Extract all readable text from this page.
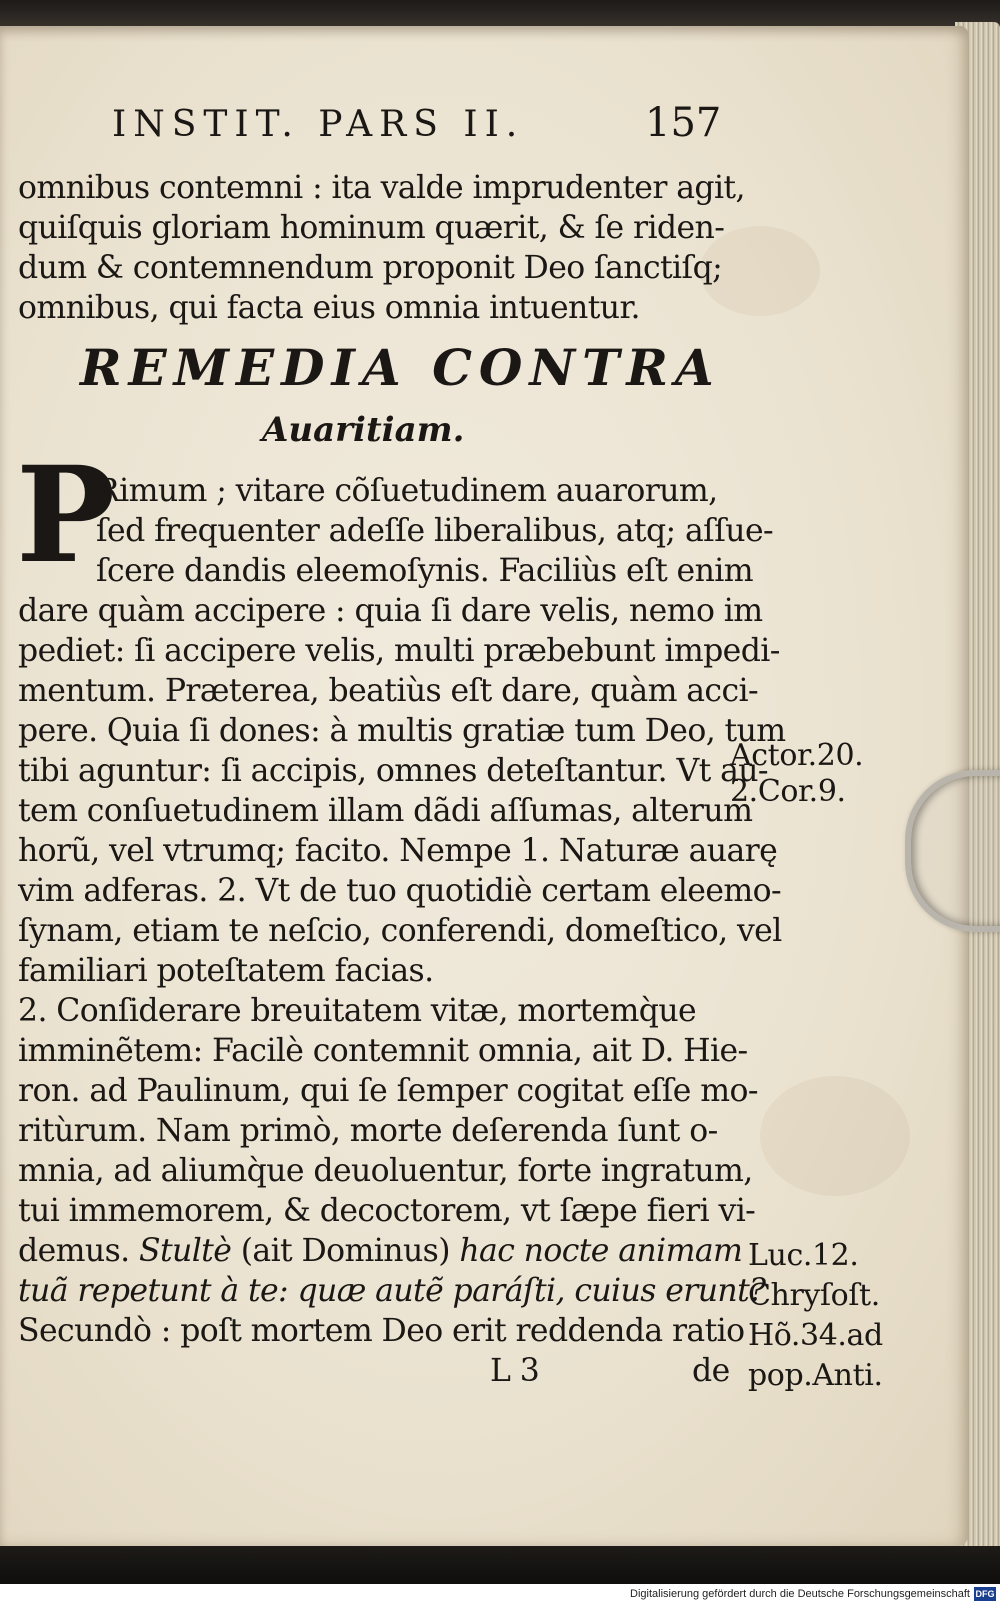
INSTIT. PARS II.	157
omnibus contemni : ita valde imprudenter agit,
quiſquis gloriam hominum quærit, & ſe riden-
dum & contemnendum proponit Deo ſanctiſq;
omnibus, qui facta eius omnia intuentur.
REMEDIA CONTRA
Auaritiam.
P
Rimum ; vitare cõſuetudinem auarorum,
ſed frequenter adeſſe liberalibus, atq; aſſue-
ſcere dandis eleemoſynis. Faciliùs eſt enim
dare quàm accipere : quia ſi dare velis, nemo im
pediet: ſi accipere velis, multi præbebunt impedi-
mentum. Præterea, beatiùs eſt dare, quàm acci-
pere. Quia ſi dones: à multis gratiæ tum Deo, tum
tibi aguntur: ſi accipis, omnes deteſtantur. Vt au-
tem conſuetudinem illam dãdi aſſumas, alterum
horũ, vel vtrumq; facito. Nempe 1. Naturæ auarę
vim adferas. 2. Vt de tuo quotidiè certam eleemo-
ſynam, etiam te neſcio, conferendi, domeſtico, vel
familiari poteſtatem facias.
2. Conſiderare breuitatem vitæ, mortemq̀ue
imminẽtem: Facilè contemnit omnia, ait D. Hie-
ron. ad Paulinum, qui ſe ſemper cogitat eſſe mo-
ritùrum. Nam primò, morte deſerenda ſunt o-
mnia, ad aliumq̀ue deuoluentur, forte ingratum,
tui immemorem, & decoctorem, vt ſæpe fieri vi-
demus. Stultè (ait Dominus) hac nocte animam
tuã repetunt à te: quæ autẽ paráſti, cuius erunt?
Secundò : poſt mortem Deo erit reddenda ratio
L 3	de
Actor.20.
2.Cor.9.
Luc.12.
Chryſoſt.
Hõ.34.ad
pop.Anti.
Digitalisierung gefördert durch die Deutsche Forschungsgemeinschaft DFG
